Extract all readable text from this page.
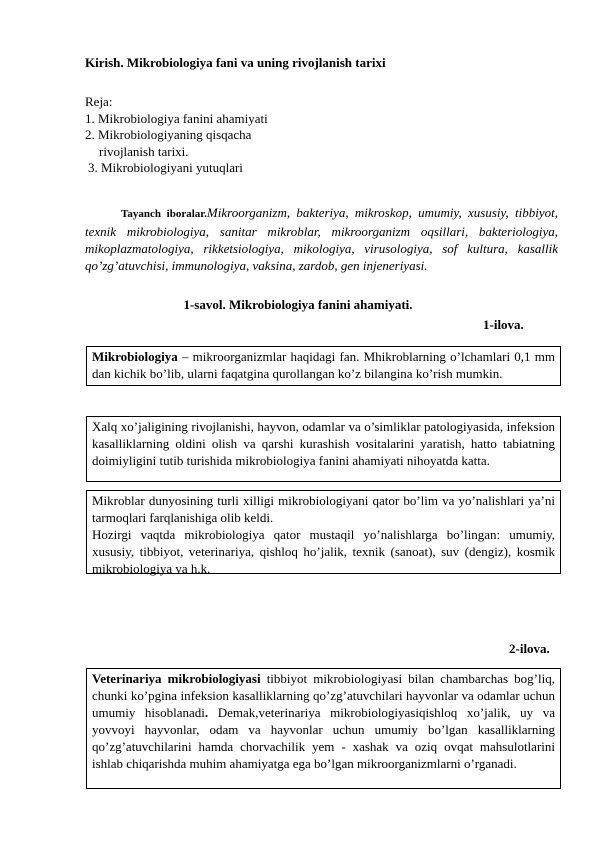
Kirish. Mikrobiologiya fani va uning rivojlanish tarixi
Reja:
1. Mikrobiologiya fanini ahamiyati
2. Mikrobiologiyaning qisqacha
rivojlanish tarixi.
3. Mikrobiologiyani yutuqlari
Tayanch iboralar.Mikroorganizm, bakteriya, mikroskop, umumiy, xususiy, tibbiyot, texnik mikrobiologiya, sanitar mikroblar, mikroorganizm oqsillari, bakteriologiya, mikoplazmatologiya, rikketsiologiya, mikologiya, virusologiya, sof kultura, kasallik qo’zg’atuvchisi, immunologiya, vaksina, zardob, gen injeneriyasi.
1-savol. Mikrobiologiya fanini ahamiyati.
1-ilova.
Mikrobiologiya – mikroorganizmlar haqidagi fan. Mhikroblarning o’lchamlari 0,1 mm dan kichik bo’lib, ularni faqatgina qurollangan ko’z bilangina ko’rish mumkin.

Xalq xo’jaligining rivojlanishi, hayvon, odamlar va o’simliklar patologiyasida, infeksion kasalliklarning oldini olish va qarshi kurashish vositalarini yaratish, hatto tabiatning doimiyligini tutib turishida mikrobiologiya fanini ahamiyati nihoyatda katta.

Mikroblar dunyosining turli xilligi mikrobiologiyani qator bo’lim va yo’nalishlari ya’ni tarmoqlari farqlanishiga olib keldi.

Hozirgi vaqtda mikrobiologiya qator mustaqil yo’nalishlarga bo’lingan: umumiy, xususiy, tibbiyot, veterinariya, qishloq ho’jalik, texnik (sanoat), suv (dengiz), kosmik mikrobiologiya va h.k.

2-ilova.
Veterinariya mikrobiologiyasi tibbiyot mikrobiologiyasi bilan chambarchas bog’liq, chunki ko’pgina infeksion kasalliklarning qo’zg’atuvchilari hayvonlar va odamlar uchun umumiy hisoblanadi. Demak,veterinariya mikrobiologiyasiqishloq xo’jalik, uy va yovvoyi hayvonlar, odam va hayvonlar uchun umumiy bo’lgan kasalliklarning qo’zg’atuvchilarini hamda chorvachilik yem - xashak va oziq ovqat mahsulotlarini ishlab chiqarishda muhim ahamiyatga ega bo’lgan mikroorganizmlarni o’rganadi.
